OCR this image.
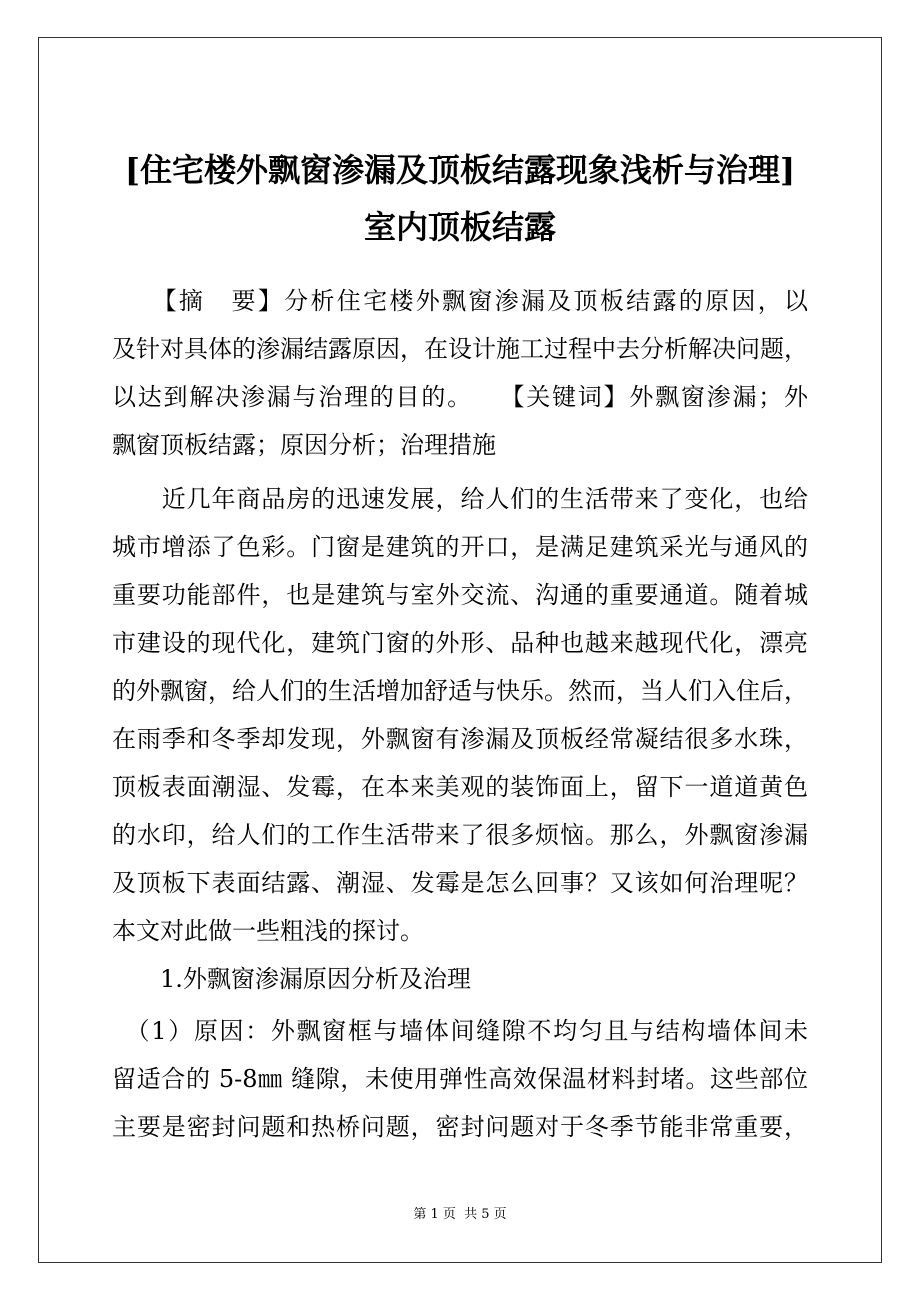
[住宅楼外飘窗渗漏及顶板结露现象浅析与治理]
室内顶板结露
　　【摘　要】分析住宅楼外飘窗渗漏及顶板结露的原因，以
及针对具体的渗漏结露原因，在设计施工过程中去分析解决问题，
以达到解决渗漏与治理的目的。　　【关键词】外飘窗渗漏；外
飘窗顶板结露；原因分析；治理措施
　　近几年商品房的迅速发展，给人们的生活带来了变化，也给
城市增添了色彩。门窗是建筑的开口，是满足建筑采光与通风的
重要功能部件，也是建筑与室外交流、沟通的重要通道。随着城
市建设的现代化，建筑门窗的外形、品种也越来越现代化，漂亮
的外飘窗，给人们的生活增加舒适与快乐。然而，当人们入住后，
在雨季和冬季却发现，外飘窗有渗漏及顶板经常凝结很多水珠，
顶板表面潮湿、发霉，在本来美观的装饰面上，留下一道道黄色
的水印，给人们的工作生活带来了很多烦恼。那么，外飘窗渗漏
及顶板下表面结露、潮湿、发霉是怎么回事？又该如何治理呢？
本文对此做一些粗浅的探讨。
　　1.外飘窗渗漏原因分析及治理
　（1）原因：外飘窗框与墙体间缝隙不均匀且与结构墙体间未
留适合的 5-8㎜ 缝隙，未使用弹性高效保温材料封堵。这些部位
主要是密封问题和热桥问题，密封问题对于冬季节能非常重要，
第 1 页 共 5 页
